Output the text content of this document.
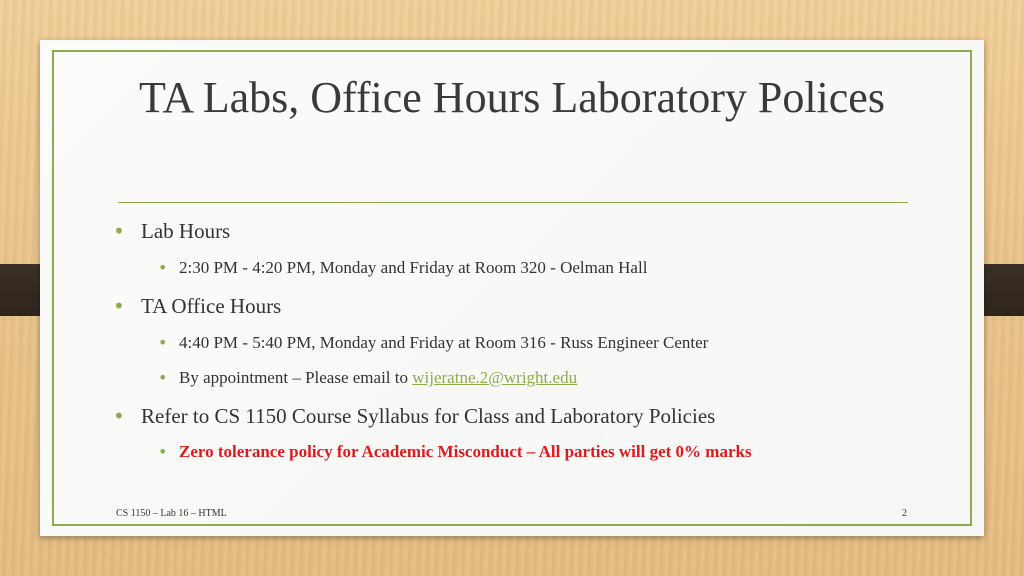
TA Labs, Office Hours Laboratory Polices
• Lab Hours
• 2:30 PM - 4:20 PM, Monday and Friday at Room 320 - Oelman Hall
• TA Office Hours
• 4:40 PM - 5:40 PM, Monday and Friday at Room 316 - Russ Engineer Center
• By appointment – Please email to wijeratne.2@wright.edu
• Refer to CS 1150 Course Syllabus for Class and Laboratory Policies
• Zero tolerance policy for Academic Misconduct – All parties will get 0% marks
CS 1150 – Lab 16 – HTML	2
